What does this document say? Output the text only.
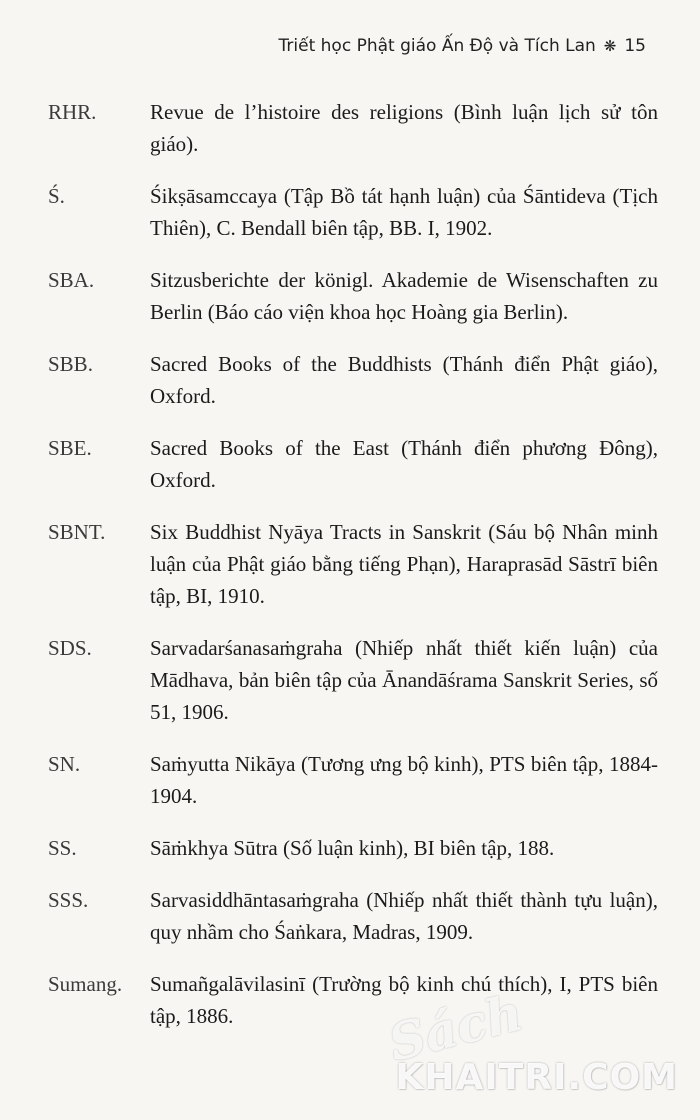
Triết học Phật giáo Ấn Độ và Tích Lan ❋ 15
RHR.	Revue de l’histoire des religions (Bình luận lịch sử tôn giáo).
Ś.	Śikṣāsamccaya (Tập Bồ tát hạnh luận) của Śāntideva (Tịch Thiên), C. Bendall biên tập, BB. I, 1902.
SBA.	Sitzusberichte der königl. Akademie de Wisenschaften zu Berlin (Báo cáo viện khoa học Hoàng gia Berlin).
SBB.	Sacred Books of the Buddhists (Thánh điển Phật giáo), Oxford.
SBE.	Sacred Books of the East (Thánh điển phương Đông), Oxford.
SBNT.	Six Buddhist Nyāya Tracts in Sanskrit (Sáu bộ Nhân minh luận của Phật giáo bằng tiếng Phạn), Haraprasād Sāstrī biên tập, BI, 1910.
SDS.	Sarvadarśanasaṁgraha (Nhiếp nhất thiết kiến luận) của Mādhava, bản biên tập của Ānandāśrama Sanskrit Series, số 51, 1906.
SN.	Saṁyutta Nikāya (Tương ưng bộ kinh), PTS biên tập, 1884-1904.
SS.	Sāṁkhya Sūtra (Số luận kinh), BI biên tập, 188.
SSS.	Sarvasiddhāntasaṁgraha (Nhiếp nhất thiết thành tựu luận), quy nhầm cho Śaṅkara, Madras, 1909.
Sumang.	Sumañgalāvilasinī (Trường bộ kinh chú thích), I, PTS biên tập, 1886.	Sách
KHAITRI.COM
